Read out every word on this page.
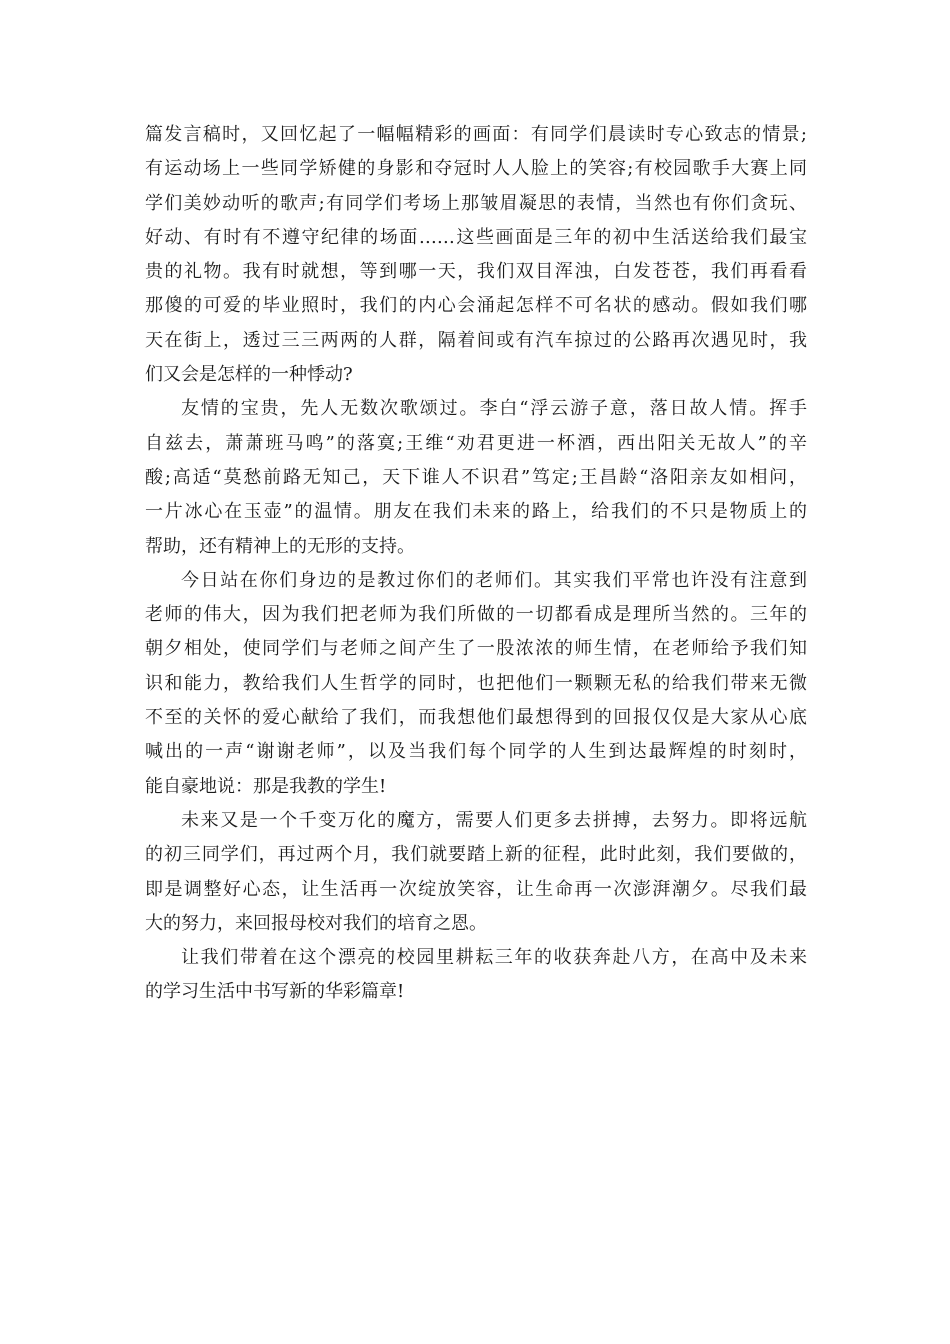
篇发言稿时，又回忆起了一幅幅精彩的画面：有同学们晨读时专心致志的情景;
有运动场上一些同学矫健的身影和夺冠时人人脸上的笑容;有校园歌手大赛上同
学们美妙动听的歌声;有同学们考场上那皱眉凝思的表情，当然也有你们贪玩、
好动、有时有不遵守纪律的场面……这些画面是三年的初中生活送给我们最宝
贵的礼物。我有时就想，等到哪一天，我们双目浑浊，白发苍苍，我们再看看
那傻的可爱的毕业照时，我们的内心会涌起怎样不可名状的感动。假如我们哪
天在街上，透过三三两两的人群，隔着间或有汽车掠过的公路再次遇见时，我
们又会是怎样的一种悸动?
友情的宝贵，先人无数次歌颂过。李白“浮云游子意，落日故人情。挥手
自兹去，萧萧班马鸣”的落寞;王维“劝君更进一杯酒，西出阳关无故人”的辛
酸;高适“莫愁前路无知己，天下谁人不识君”笃定;王昌龄“洛阳亲友如相问，
一片冰心在玉壶”的温情。朋友在我们未来的路上，给我们的不只是物质上的
帮助，还有精神上的无形的支持。
今日站在你们身边的是教过你们的老师们。其实我们平常也许没有注意到
老师的伟大，因为我们把老师为我们所做的一切都看成是理所当然的。三年的
朝夕相处，使同学们与老师之间产生了一股浓浓的师生情，在老师给予我们知
识和能力，教给我们人生哲学的同时，也把他们一颗颗无私的给我们带来无微
不至的关怀的爱心献给了我们，而我想他们最想得到的回报仅仅是大家从心底
喊出的一声“谢谢老师”，以及当我们每个同学的人生到达最辉煌的时刻时，
能自豪地说：那是我教的学生!
未来又是一个千变万化的魔方，需要人们更多去拼搏，去努力。即将远航
的初三同学们，再过两个月，我们就要踏上新的征程，此时此刻，我们要做的，
即是调整好心态，让生活再一次绽放笑容，让生命再一次澎湃潮夕。尽我们最
大的努力，来回报母校对我们的培育之恩。
让我们带着在这个漂亮的校园里耕耘三年的收获奔赴八方，在高中及未来
的学习生活中书写新的华彩篇章!
